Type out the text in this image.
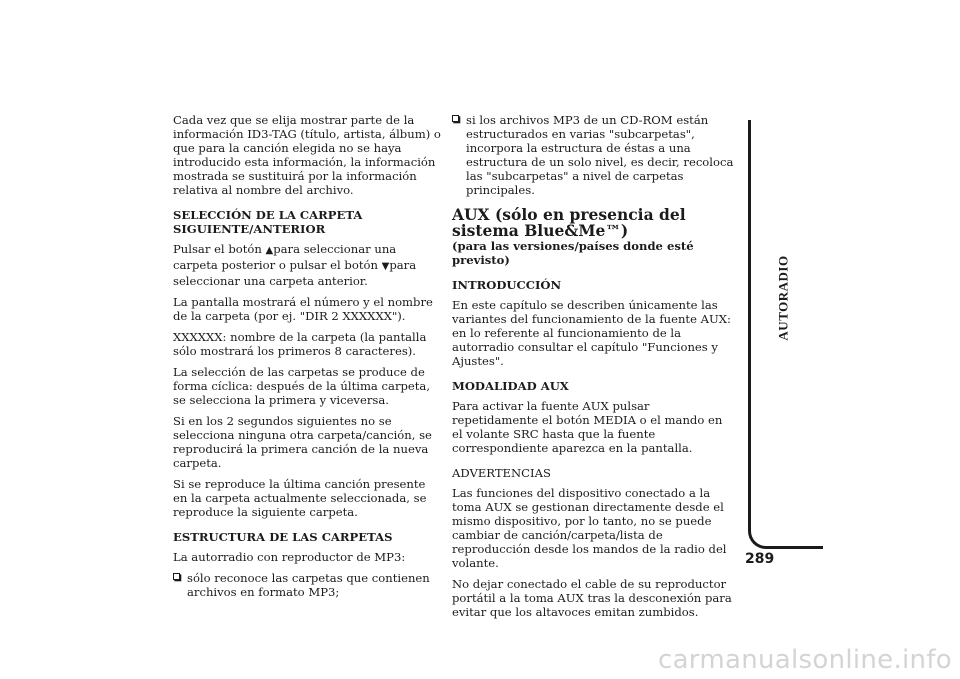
Cada vez que se elija mostrar parte de la información ID3-TAG (título, artista, álbum) o que para la canción elegida no se haya introducido esta información, la información mostrada se sustituirá por la información relativa al nombre del archivo.

SELECCIÓN DE LA CARPETA SIGUIENTE/ANTERIOR

Pulsar el botón ▲para seleccionar una carpeta posterior o pulsar el botón ▼para seleccionar una carpeta anterior.

La pantalla mostrará el número y el nombre de la carpeta (por ej. "DIR 2 XXXXXX").

XXXXXX: nombre de la carpeta (la pantalla sólo mostrará los primeros 8 caracteres).

La selección de las carpetas se produce de forma cíclica: después de la última carpeta, se selecciona la primera y viceversa.

Si en los 2 segundos siguientes no se selecciona ninguna otra carpeta/canción, se reproducirá la primera canción de la nueva carpeta.

Si se reproduce la última canción presente en la carpeta actualmente seleccionada, se reproduce la siguiente carpeta.

ESTRUCTURA DE LAS CARPETAS

La autorradio con reproductor de MP3:

sólo reconoce las carpetas que contienen archivos en formato MP3;
si los archivos MP3 de un CD-ROM están estructurados en varias "subcarpetas", incorpora la estructura de éstas a una estructura de un solo nivel, es decir, recoloca las "subcarpetas" a nivel de carpetas principales.

AUX (sólo en presencia del sistema Blue&Me™)

(para las versiones/países donde esté previsto)

INTRODUCCIÓN

En este capítulo se describen únicamente las variantes del funcionamiento de la fuente AUX: en lo referente al funcionamiento de la autorradio consultar el capítulo "Funciones y Ajustes".

MODALIDAD AUX

Para activar la fuente AUX pulsar repetidamente el botón MEDIA o el mando en el volante SRC hasta que la fuente correspondiente aparezca en la pantalla.

ADVERTENCIAS

Las funciones del dispositivo conectado a la toma AUX se gestionan directamente desde el mismo dispositivo, por lo tanto, no se puede cambiar de canción/carpeta/lista de reproducción desde los mandos de la radio del volante.

No dejar conectado el cable de su reproductor portátil a la toma AUX tras la desconexión para evitar que los altavoces emitan zumbidos.

AUTORADIO
289
carmanualsonline.info
